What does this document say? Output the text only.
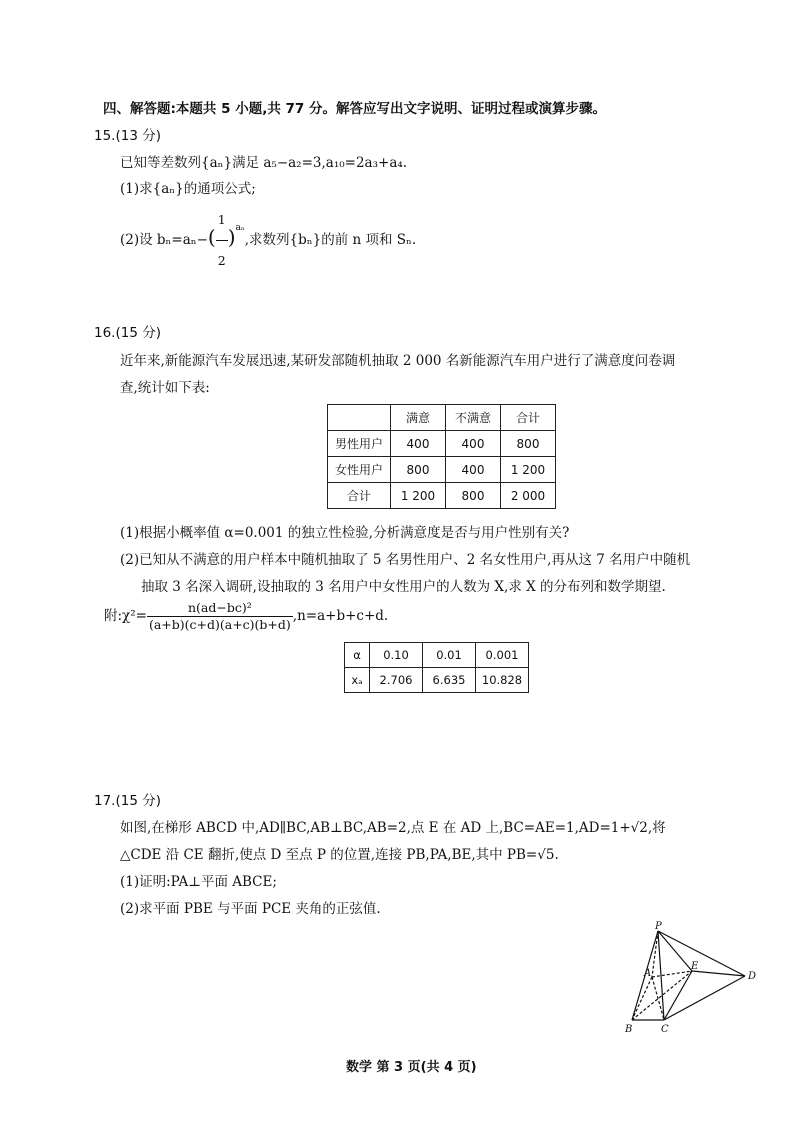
四、解答题:本题共 5 小题,共 77 分。解答应写出文字说明、证明过程或演算步骤。
15.(13 分)
已知等差数列{aₙ}满足 a₅−a₂=3,a₁₀=2a₃+a₄.
(1)求{aₙ}的通项公式;
(2)设 $b_n=a_n-( \frac{1}{2} )^{a_n}$,求数列{bₙ}的前 n 项和 Sₙ.
16.(15 分)
近年来,新能源汽车发展迅速,某研发部随机抽取 2 000 名新能源汽车用户进行了满意度问卷调
查,统计如下表:
	满意	不满意	合计
男性用户	400	400	800
女性用户	800	400	1 200
合计	1 200	800	2 000
(1)根据小概率值 α=0.001 的独立性检验,分析满意度是否与用户性别有关?
(2)已知从不满意的用户样本中随机抽取了 5 名男性用户、2 名女性用户,再从这 7 名用户中随机
抽取 3 名深入调研,设抽取的 3 名用户中女性用户的人数为 X,求 X 的分布列和数学期望.
附:χ²= $\frac{\text{n(ad−bc)²}}{(a+b)(c+d)(a+c)(b+d)} ,n=a+b+c+d$.
α	0.10	0.01	0.001
xₐ	2.706	6.635	10.828
17.(15 分)
如图,在梯形 ABCD 中,AD∥BC,AB⊥BC,AB=2,点 E 在 AD 上,BC=AE=1,AD=1+√2,将
△CDE 沿 CE 翻折,使点 D 至点 P 的位置,连接 PB,PA,BE,其中 PB=√5.
(1)证明:PA⊥平面 ABCE;
(2)求平面 PBE 与平面 PCE 夹角的正弦值.
P
A
E
D
B	C
数学 第 3 页(共 4 页)
